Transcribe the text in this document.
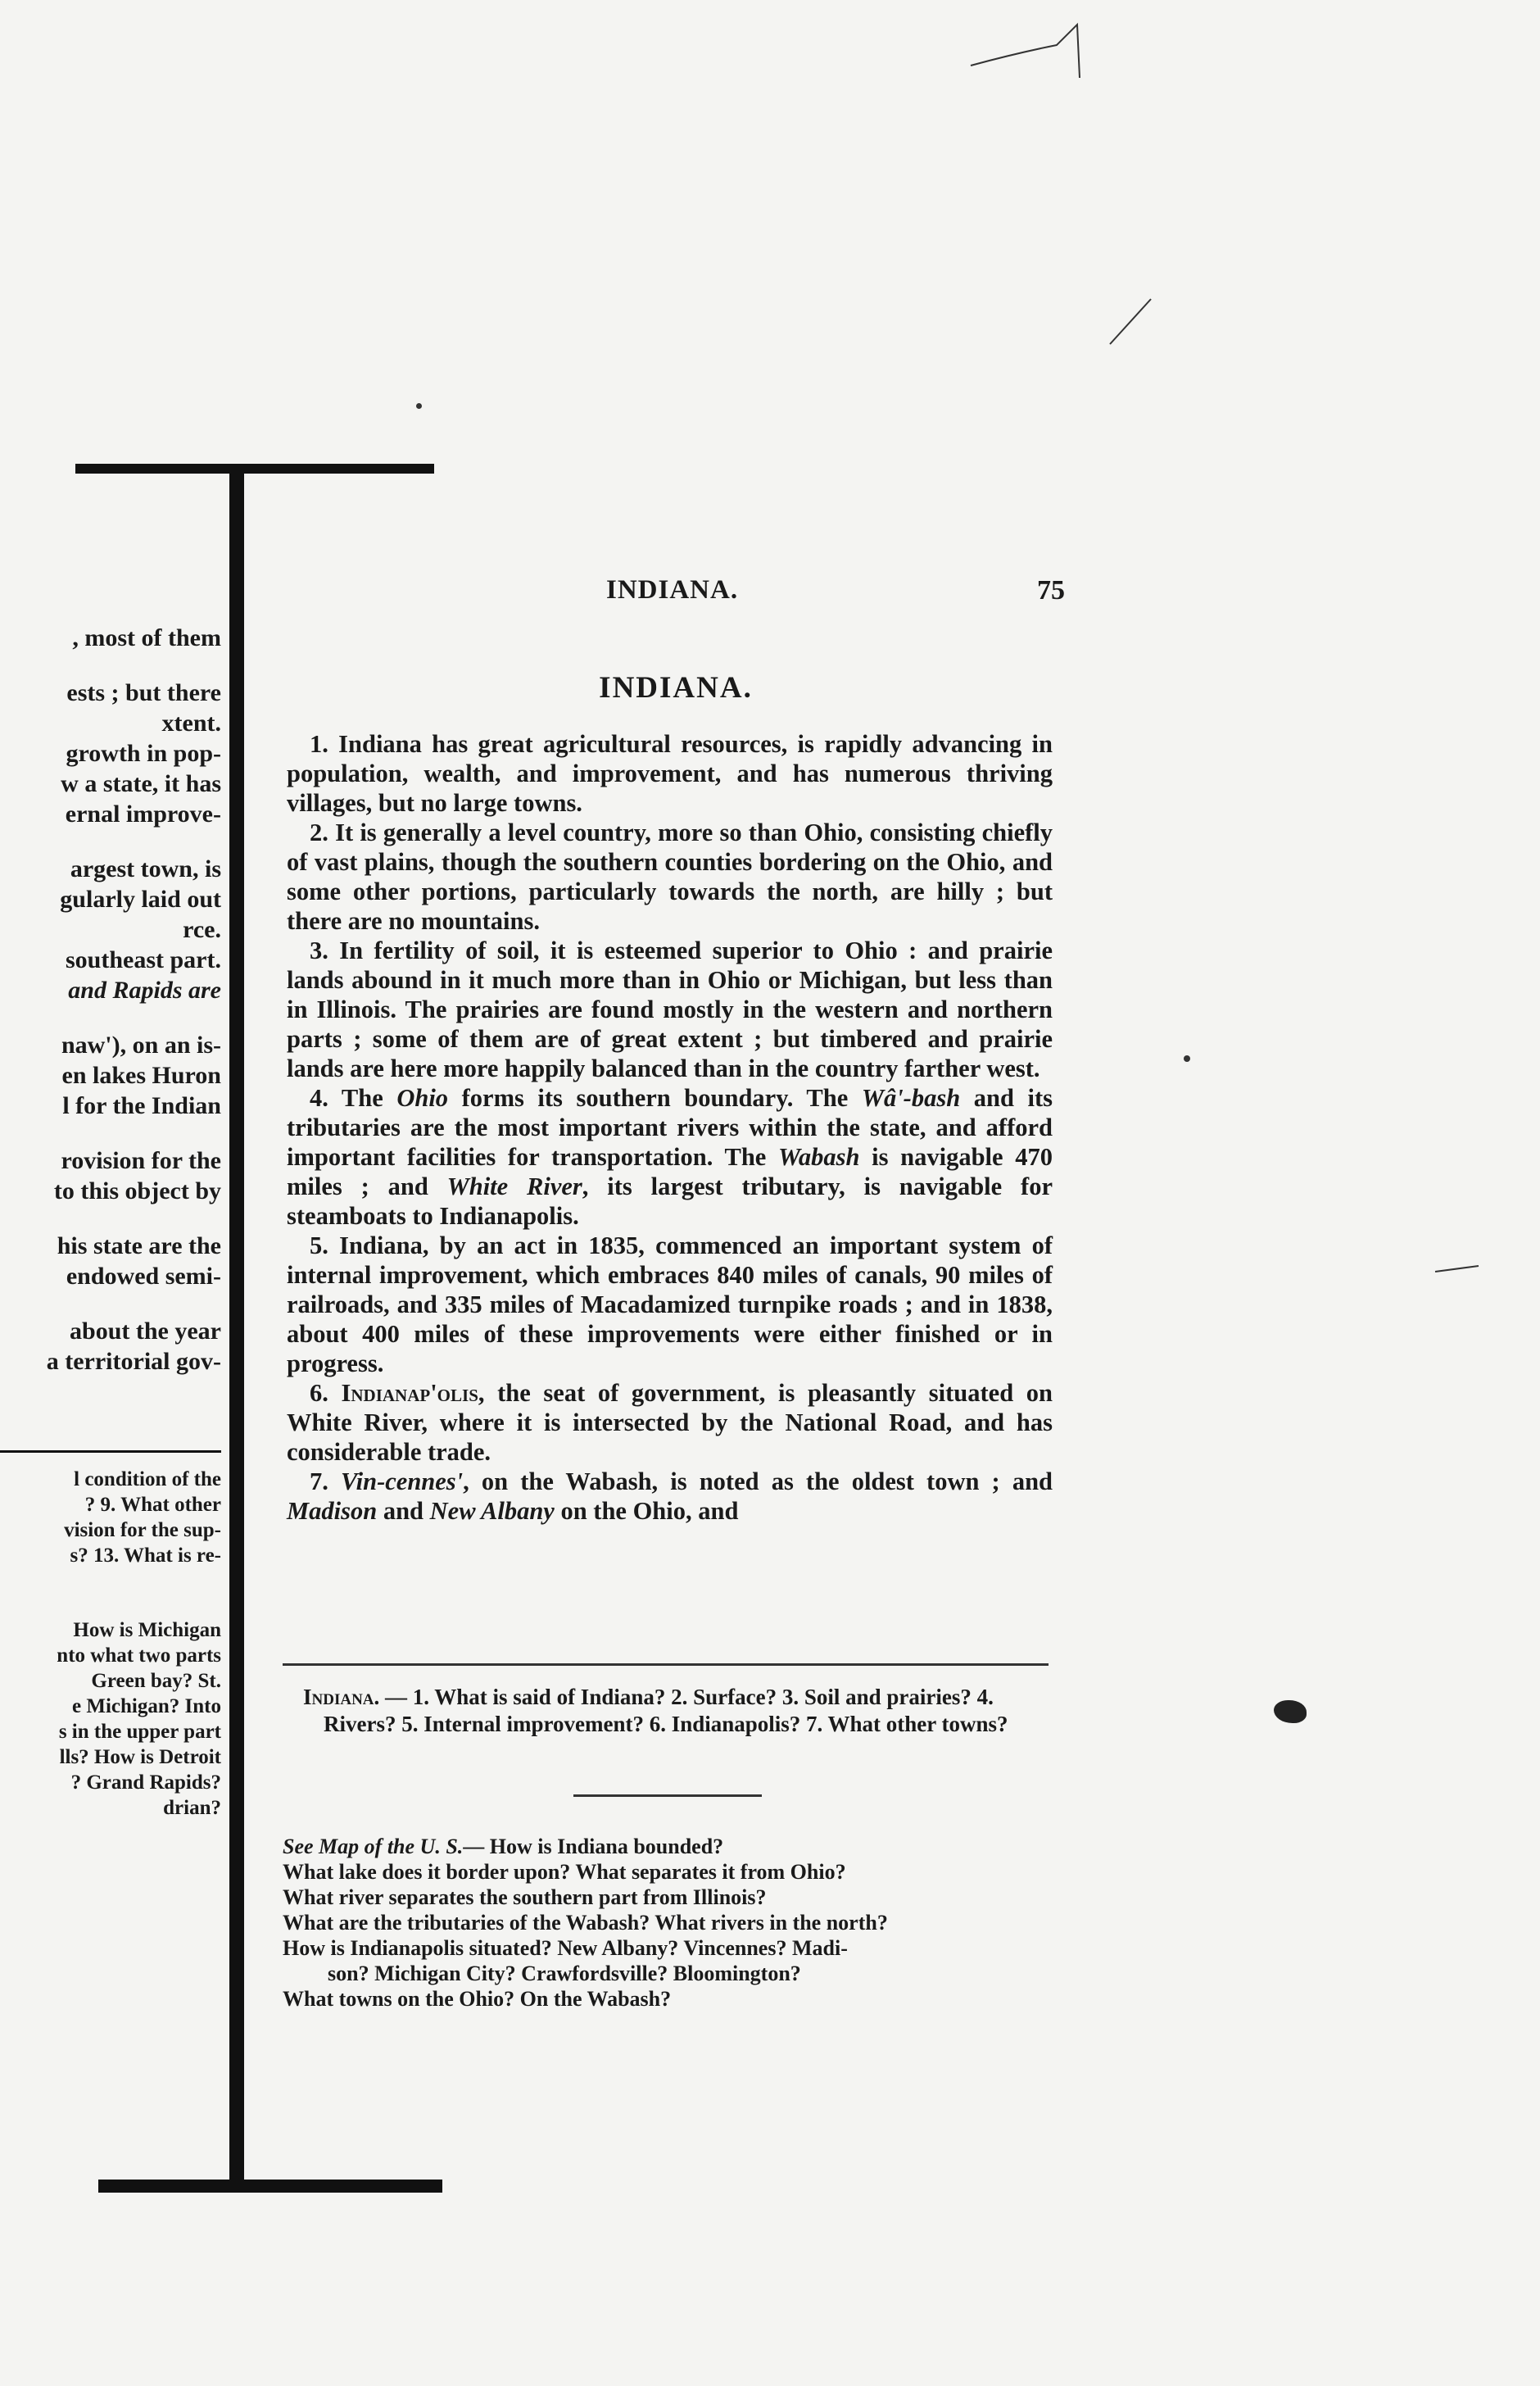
, most of them
ests ; but there
xtent.
growth in pop-
w a state, it has
ernal improve-
argest town, is
gularly laid out
rce.
southeast part.
and Rapids are
naw'), on an is-
en lakes Huron
l for the Indian
rovision for the
to this object by
his state are the
endowed semi-
about the year
a territorial gov-
l condition of the
? 9. What other
vision for the sup-
s? 13. What is re-
How is Michigan
nto what two parts
Green bay? St.
e Michigan? Into
s in the upper part
lls? How is Detroit
? Grand Rapids?
drian?
INDIANA.	75
INDIANA.

1. Indiana has great agricultural resources, is rapidly advancing in population, wealth, and improvement, and has numerous thriving villages, but no large towns.

2. It is generally a level country, more so than Ohio, consisting chiefly of vast plains, though the southern counties bordering on the Ohio, and some other portions, particularly towards the north, are hilly ; but there are no mountains.

3. In fertility of soil, it is esteemed superior to Ohio : and prairie lands abound in it much more than in Ohio or Michigan, but less than in Illinois. The prairies are found mostly in the western and northern parts ; some of them are of great extent ; but timbered and prairie lands are here more happily balanced than in the country farther west.

4. The Ohio forms its southern boundary. The Wâ'-bash and its tributaries are the most important rivers within the state, and afford important facilities for transportation. The Wabash is navigable 470 miles ; and White River, its largest tributary, is navigable for steamboats to Indianapolis.

5. Indiana, by an act in 1835, commenced an important system of internal improvement, which embraces 840 miles of canals, 90 miles of railroads, and 335 miles of Macadamized turnpike roads ; and in 1838, about 400 miles of these improvements were either finished or in progress.

6. Indianap'olis, the seat of government, is pleasantly situated on White River, where it is intersected by the National Road, and has considerable trade.

7. Vin-cennes', on the Wabash, is noted as the oldest town ; and Madison and New Albany on the Ohio, and

Indiana. — 1. What is said of Indiana? 2. Surface? 3. Soil and prairies? 4. Rivers? 5. Internal improvement? 6. Indianapolis? 7. What other towns?
See Map of the U. S.— How is Indiana bounded?
What lake does it border upon? What separates it from Ohio?
What river separates the southern part from Illinois?
What are the tributaries of the Wabash? What rivers in the north?
How is Indianapolis situated? New Albany? Vincennes? Madi-
son? Michigan City? Crawfordsville? Bloomington?
What towns on the Ohio? On the Wabash?
